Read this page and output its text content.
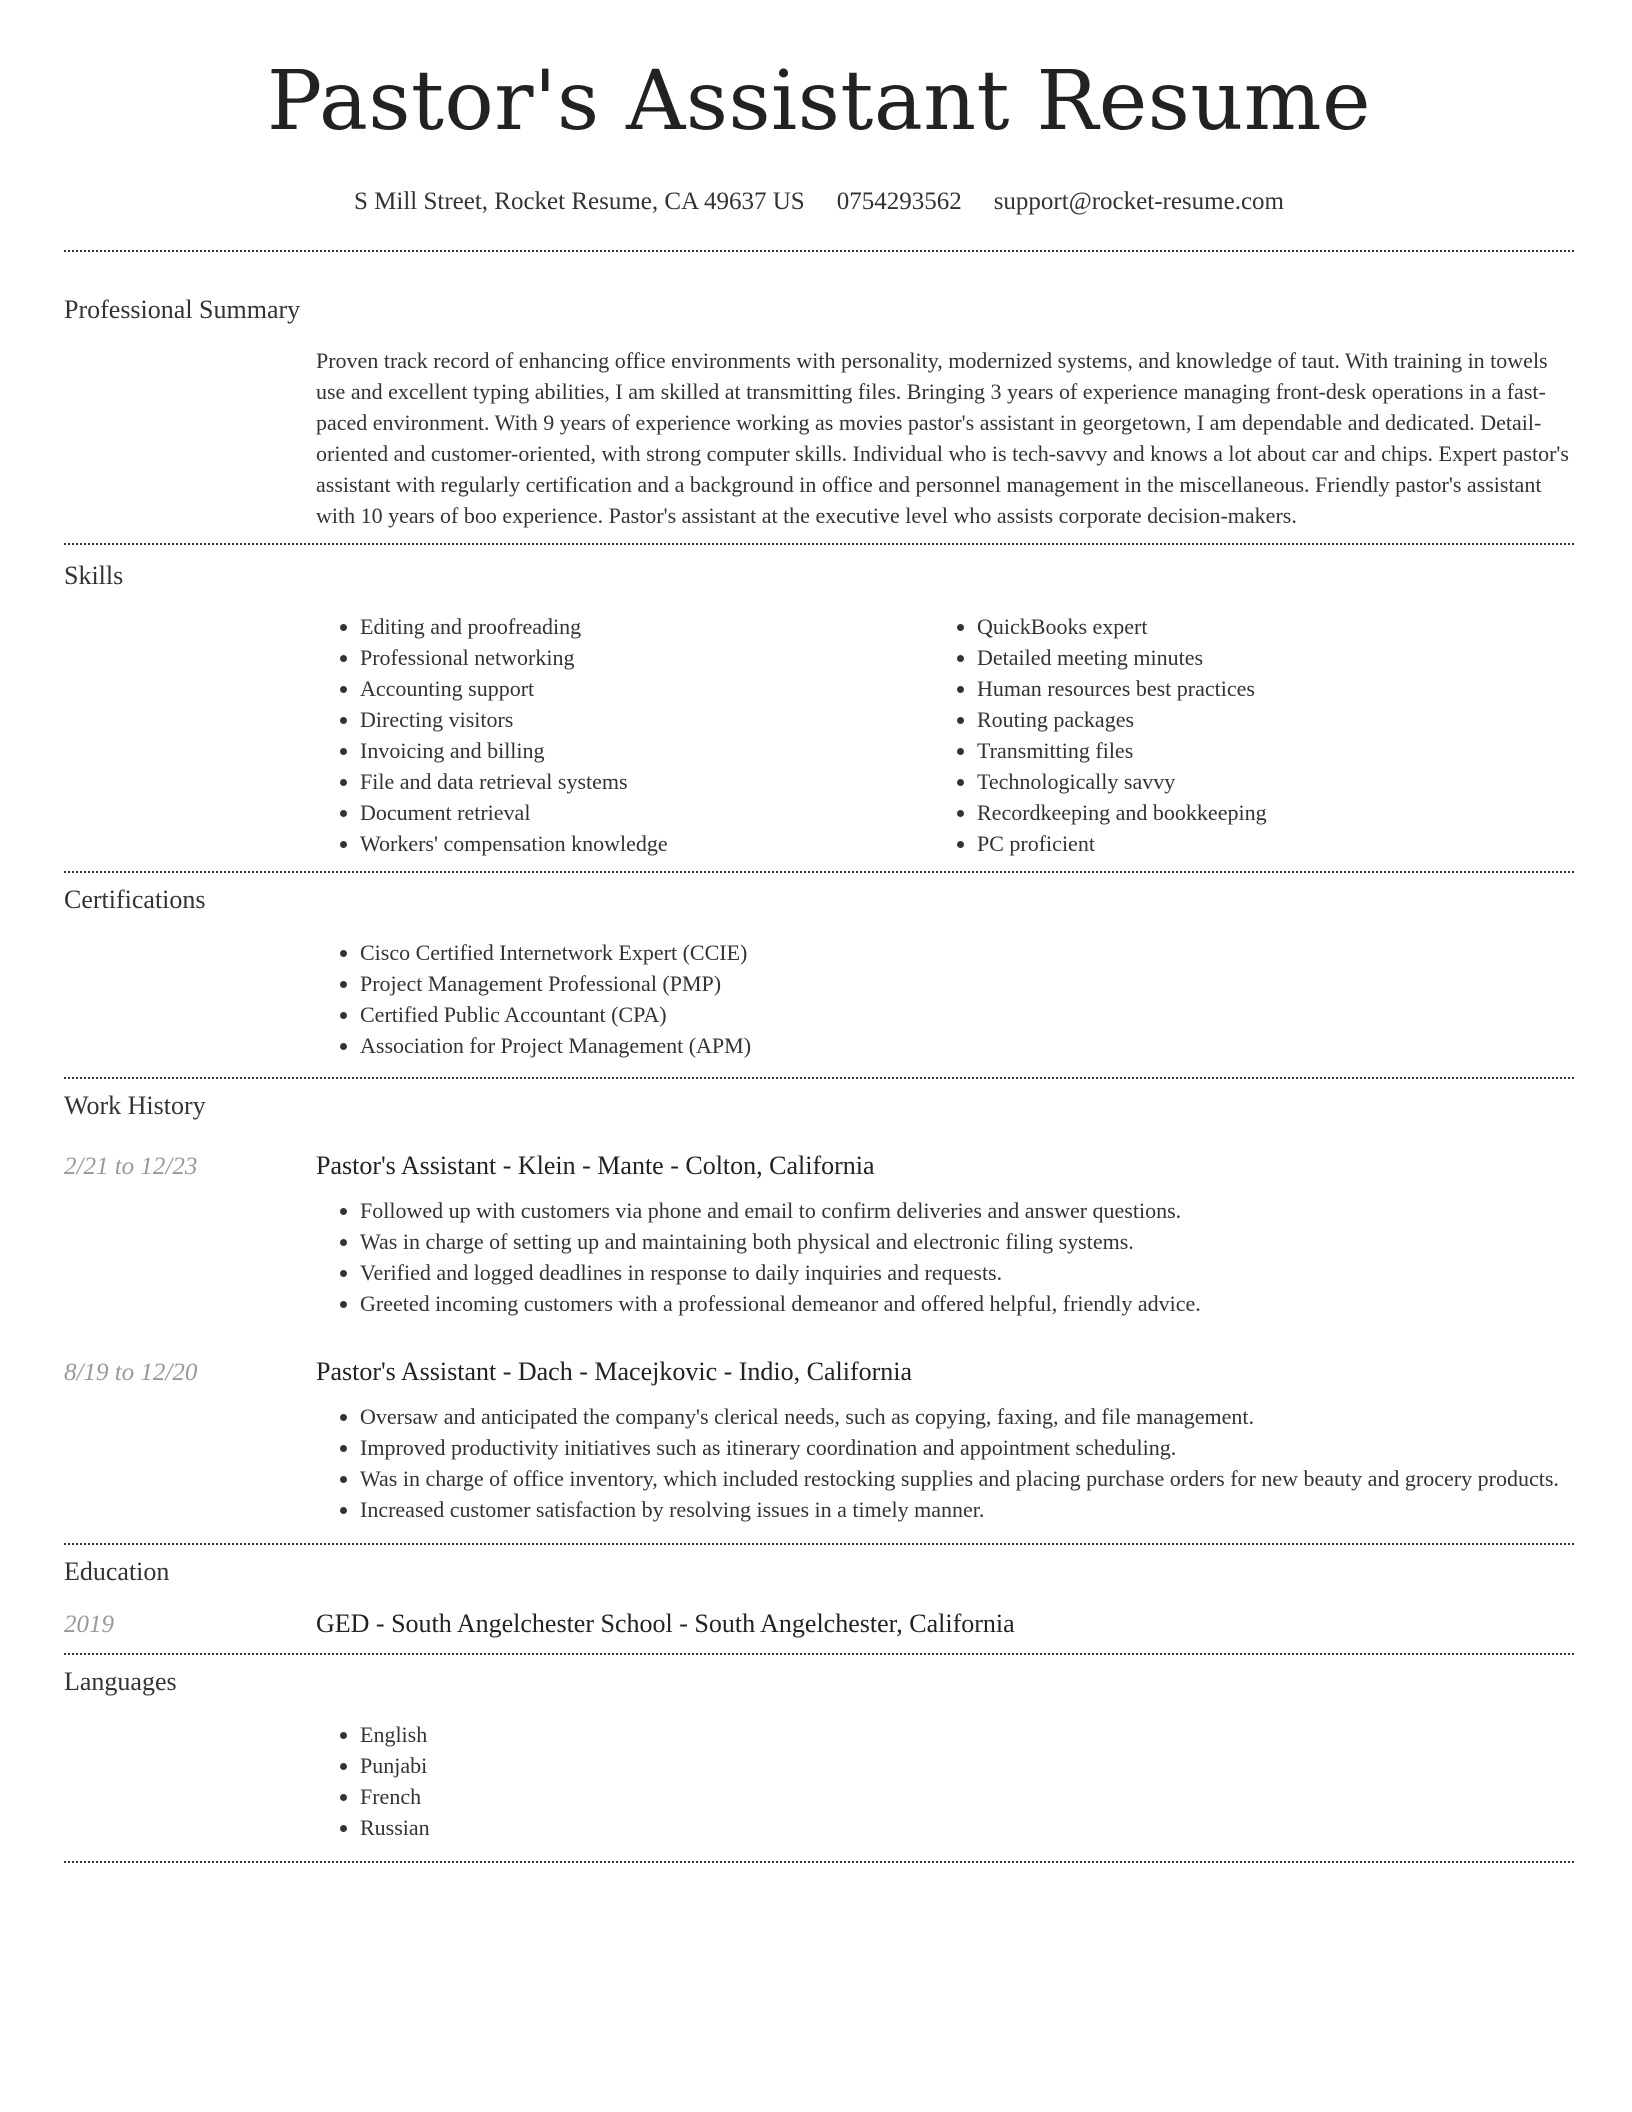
Pastor's Assistant Resume
S Mill Street, Rocket Resume, CA 49637 US 0754293562 support@rocket-resume.com
Professional Summary

Proven track record of enhancing office environments with personality, modernized systems, and knowledge of taut. With training in towels use and excellent typing abilities, I am skilled at transmitting files. Bringing 3 years of experience managing front-desk operations in a fast-paced environment. With 9 years of experience working as movies pastor's assistant in georgetown, I am dependable and dedicated. Detail-oriented and customer-oriented, with strong computer skills. Individual who is tech-savvy and knows a lot about car and chips. Expert pastor's assistant with regularly certification and a background in office and personnel management in the miscellaneous. Friendly pastor's assistant with 10 years of boo experience. Pastor's assistant at the executive level who assists corporate decision-makers.

Skills
• Editing and proofreading
• Professional networking
• Accounting support
• Directing visitors
• Invoicing and billing
• File and data retrieval systems
• Document retrieval
• Workers' compensation knowledge
• QuickBooks expert
• Detailed meeting minutes
• Human resources best practices
• Routing packages
• Transmitting files
• Technologically savvy
• Recordkeeping and bookkeeping
• PC proficient
Certifications
• Cisco Certified Internetwork Expert (CCIE)
• Project Management Professional (PMP)
• Certified Public Accountant (CPA)
• Association for Project Management (APM)
Work History
2/21 to 12/23	Pastor's Assistant - Klein - Mante - Colton, California
• Followed up with customers via phone and email to confirm deliveries and answer questions.
• Was in charge of setting up and maintaining both physical and electronic filing systems.
• Verified and logged deadlines in response to daily inquiries and requests.
• Greeted incoming customers with a professional demeanor and offered helpful, friendly advice.
8/19 to 12/20	Pastor's Assistant - Dach - Macejkovic - Indio, California
• Oversaw and anticipated the company's clerical needs, such as copying, faxing, and file management.
• Improved productivity initiatives such as itinerary coordination and appointment scheduling.
• Was in charge of office inventory, which included restocking supplies and placing purchase orders for new beauty and grocery products.
• Increased customer satisfaction by resolving issues in a timely manner.
Education
2019	GED - South Angelchester School - South Angelchester, California
Languages
• English
• Punjabi
• French
• Russian
